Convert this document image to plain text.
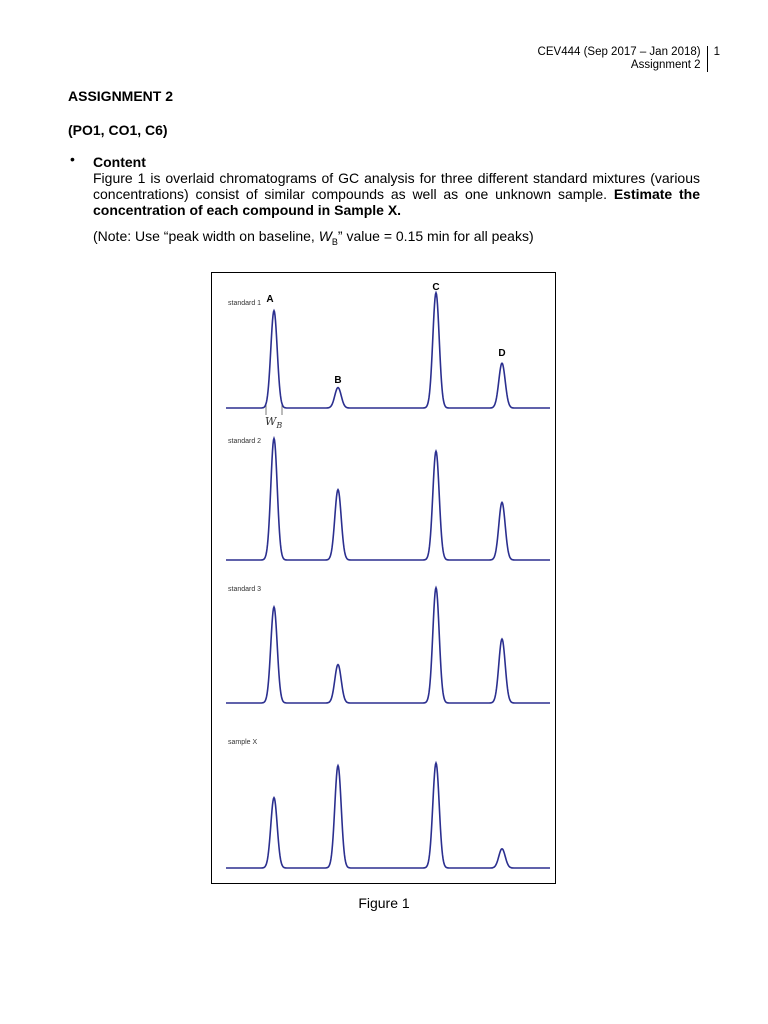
CEV444 (Sep 2017 – Jan 2018)
Assignment 2
1
ASSIGNMENT 2
(PO1, CO1, C6)
• Content
Figure 1 is overlaid chromatograms of GC analysis for three different standard mixtures (various concentrations) consist of similar compounds as well as one unknown sample. Estimate the concentration of each compound in Sample X.
(Note: Use “peak width on baseline, $W_B$” value = 0.15 min for all peaks)
A
B
C
D
$W_B$
standard 1
standard 2
standard 3
sample X
Figure 1
